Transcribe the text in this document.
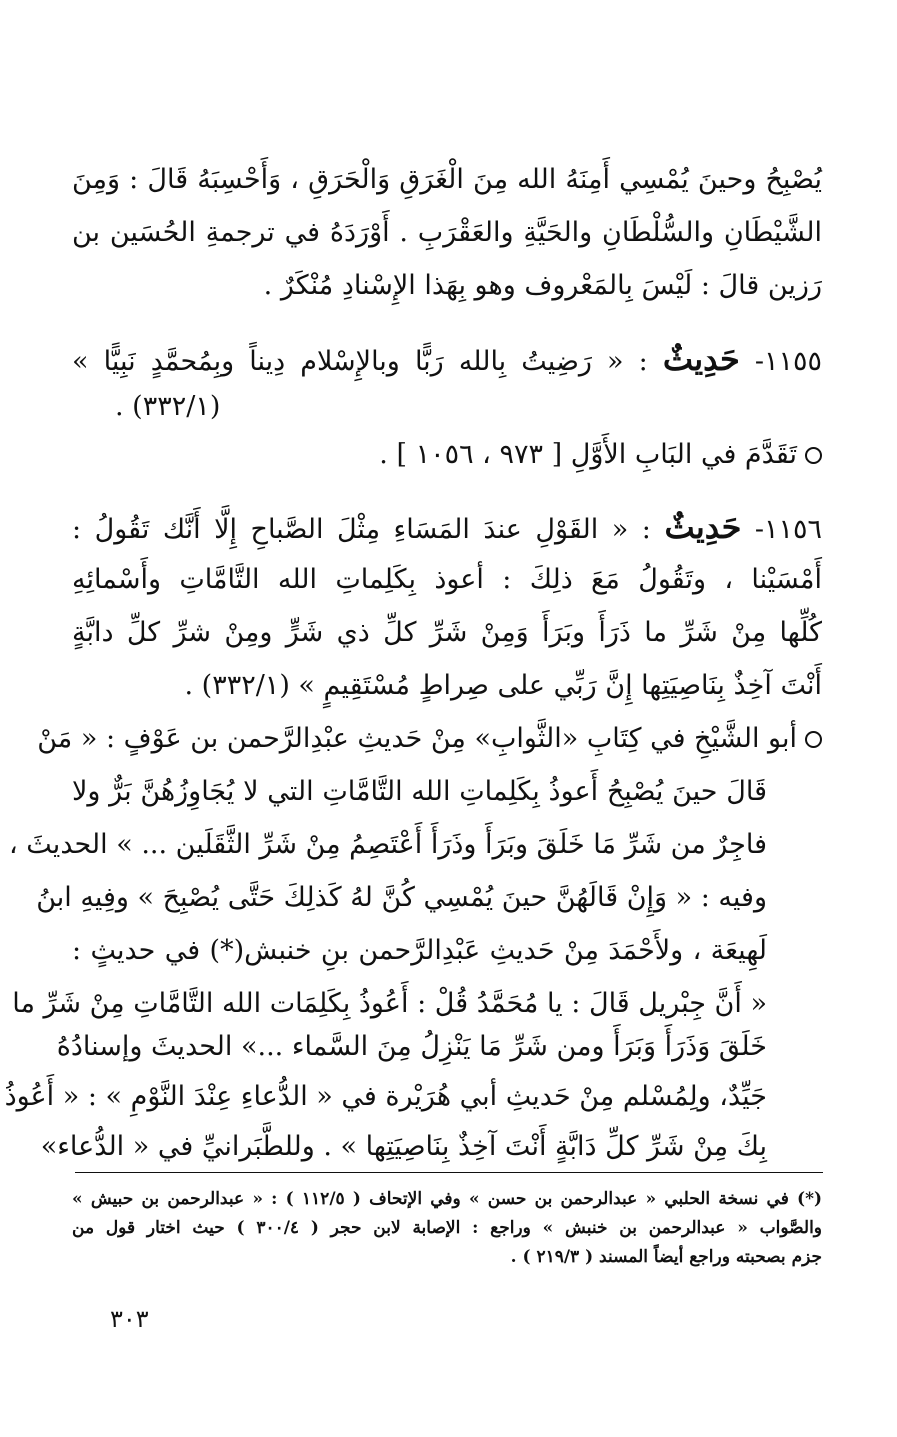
يُصْبِحُ وحينَ يُمْسِي أَمِنَهُ الله مِنَ الْغَرَقِ وَالْحَرَقِ ، وَأَحْسِبَهُ قَالَ : وَمِنَ
الشَّيْطَانِ والسُّلْطَانِ والحَيَّةِ والعَقْرَبِ . أَوْرَدَهُ في ترجمةِ الحُسَين بن
رَزين قالَ : لَيْسَ بِالمَعْروف وهو بِهَذا الإِسْنادِ مُنْكَرٌ .
١١٥٥- حَدِيثٌ : « رَضِيتُ بِالله رَبًّا وبالإِسْلام دِيناً وبِمُحمَّدٍ نَبِيًّا »
(٣٣٢/١) .
تَقَدَّمَ في البَابِ الأَوَّلِ [ ٩٧٣ ، ١٠٥٦ ] .
١١٥٦- حَدِيثٌ : « القَوْلِ عندَ المَسَاءِ مِثْلَ الصَّباحِ إِلَّا أَنَّك تَقُولُ :
أَمْسَيْنا ، وتَقُولُ مَعَ ذلِكَ : أعوذ بِكَلِماتِ الله التَّامَّاتِ وأَسْمائِهِ
كُلِّها مِنْ شَرِّ ما ذَرَأَ وبَرَأَ وَمِنْ شَرِّ كلِّ ذي شَرٍّ ومِنْ شرِّ كلِّ دابَّةٍ
أَنْتَ آخِذٌ بِنَاصِيَتِها إِنَّ رَبِّي على صِراطٍ مُسْتَقِيمٍ » (٣٣٢/١) .
أبو الشَّيْخِ في كِتَابِ «الثَّوابِ» مِنْ حَديثِ عبْدِالرَّحمن بن عَوْفٍ : « مَنْ
قَالَ حينَ يُصْبِحُ أَعوذُ بِكَلِماتِ الله التَّامَّاتِ التي لا يُجَاوِزُهُنَّ بَرٌّ ولا
فاجِرٌ من شَرِّ مَا خَلَقَ وبَرَأَ وذَرَأَ أَعْتَصِمُ مِنْ شَرِّ الثَّقَلَين ... » الحديثَ ،
وفيه : « وَإِنْ قَالَهُنَّ حينَ يُمْسِي كُنَّ لهُ كَذلِكَ حَتَّى يُصْبِحَ » وفِيهِ ابنُ
لَهِيعَة ، ولأَحْمَدَ مِنْ حَديثِ عَبْدِالرَّحمن بنِ خنبش(*) في حديثٍ :
« أَنَّ جِبْريل قَالَ : يا مُحَمَّدُ قُلْ : أَعُوذُ بِكَلِمَات الله التَّامَّاتِ مِنْ شَرِّ ما
خَلَقَ وَذَرَأَ وَبَرَأَ ومن شَرِّ مَا يَنْزِلُ مِنَ السَّماء ...» الحديثَ وإسنادُهُ
جَيِّدٌ، ولِمُسْلم مِنْ حَديثِ أبي هُرَيْرة في « الدُّعاءِ عِنْدَ النَّوْمِ » : « أَعُوذُ
بِكَ مِنْ شَرِّ كلِّ دَابَّةٍ أَنْتَ آخِذٌ بِنَاصِيَتِها » . وللطَّبَرانيِّ في « الدُّعاء»
(*) في نسخة الحلبي « عبدالرحمن بن حسن » وفي الإتحاف ( ١١٢/٥ ) : « عبدالرحمن بن حبيش »
والصَّواب « عبدالرحمن بن خنبش » وراجع : الإصابة لابن حجر ( ٣٠٠/٤ ) حيث اختار قول من
جزم بصحبته وراجع أيضاً المسند ( ٢١٩/٣ ) .
٣٠٣
